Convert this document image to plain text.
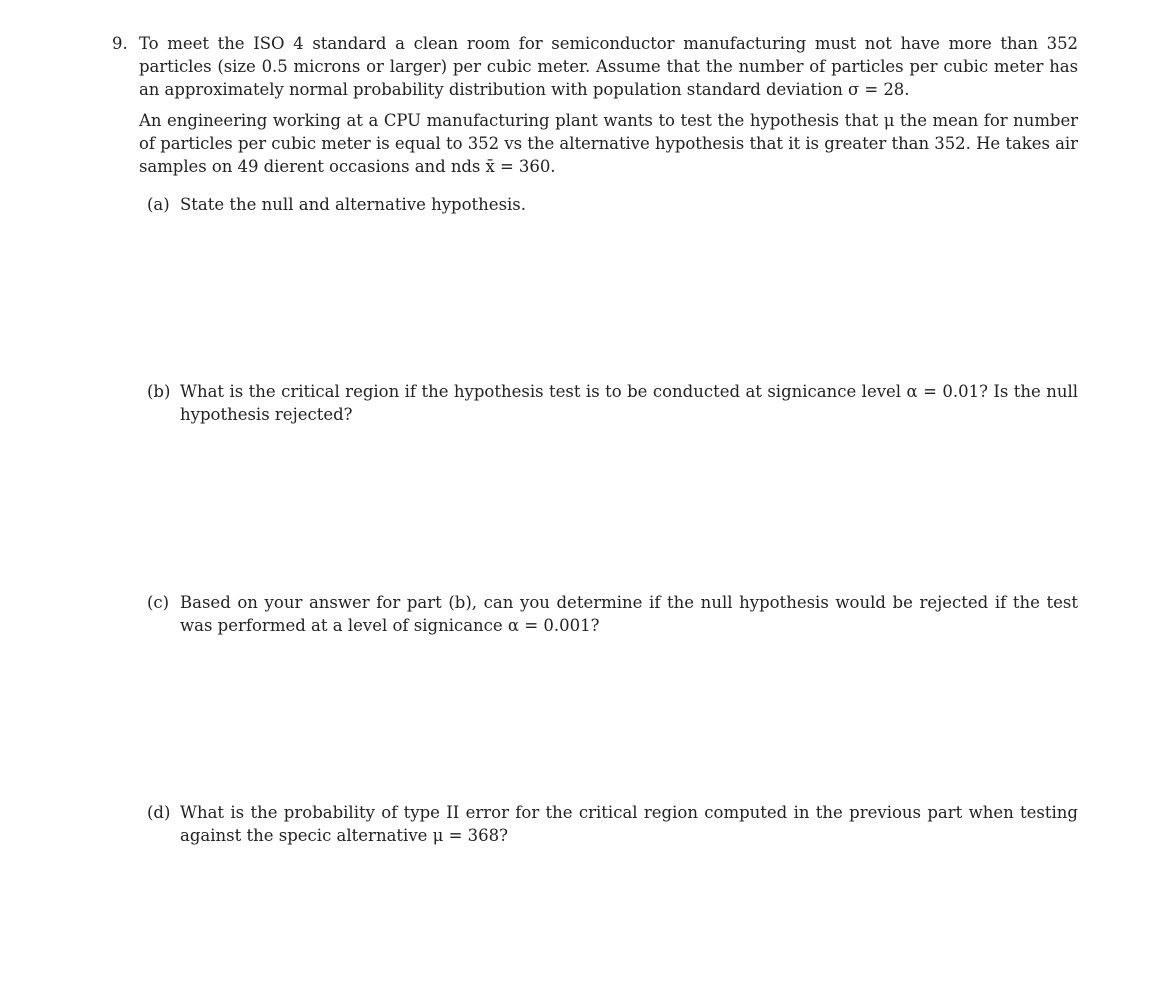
9. To meet the ISO 4 standard a clean room for semiconductor manufacturing must not have more than 352 particles (size 0.5 microns or larger) per cubic meter. Assume that the number of particles per cubic meter has an approximately normal probability distribution with population standard deviation σ = 28.

An engineering working at a CPU manufacturing plant wants to test the hypothesis that μ the mean for number of particles per cubic meter is equal to 352 vs the alternative hypothesis that it is greater than 352. He takes air samples on 49 dierent occasions and nds x̄ = 360.

(a) State the null and alternative hypothesis.
(b) What is the critical region if the hypothesis test is to be conducted at signicance level α = 0.01? Is the null hypothesis rejected?
(c) Based on your answer for part (b), can you determine if the null hypothesis would be rejected if the test was performed at a level of signicance α = 0.001?
(d) What is the probability of type II error for the critical region computed in the previous part when testing against the specic alternative μ = 368?
